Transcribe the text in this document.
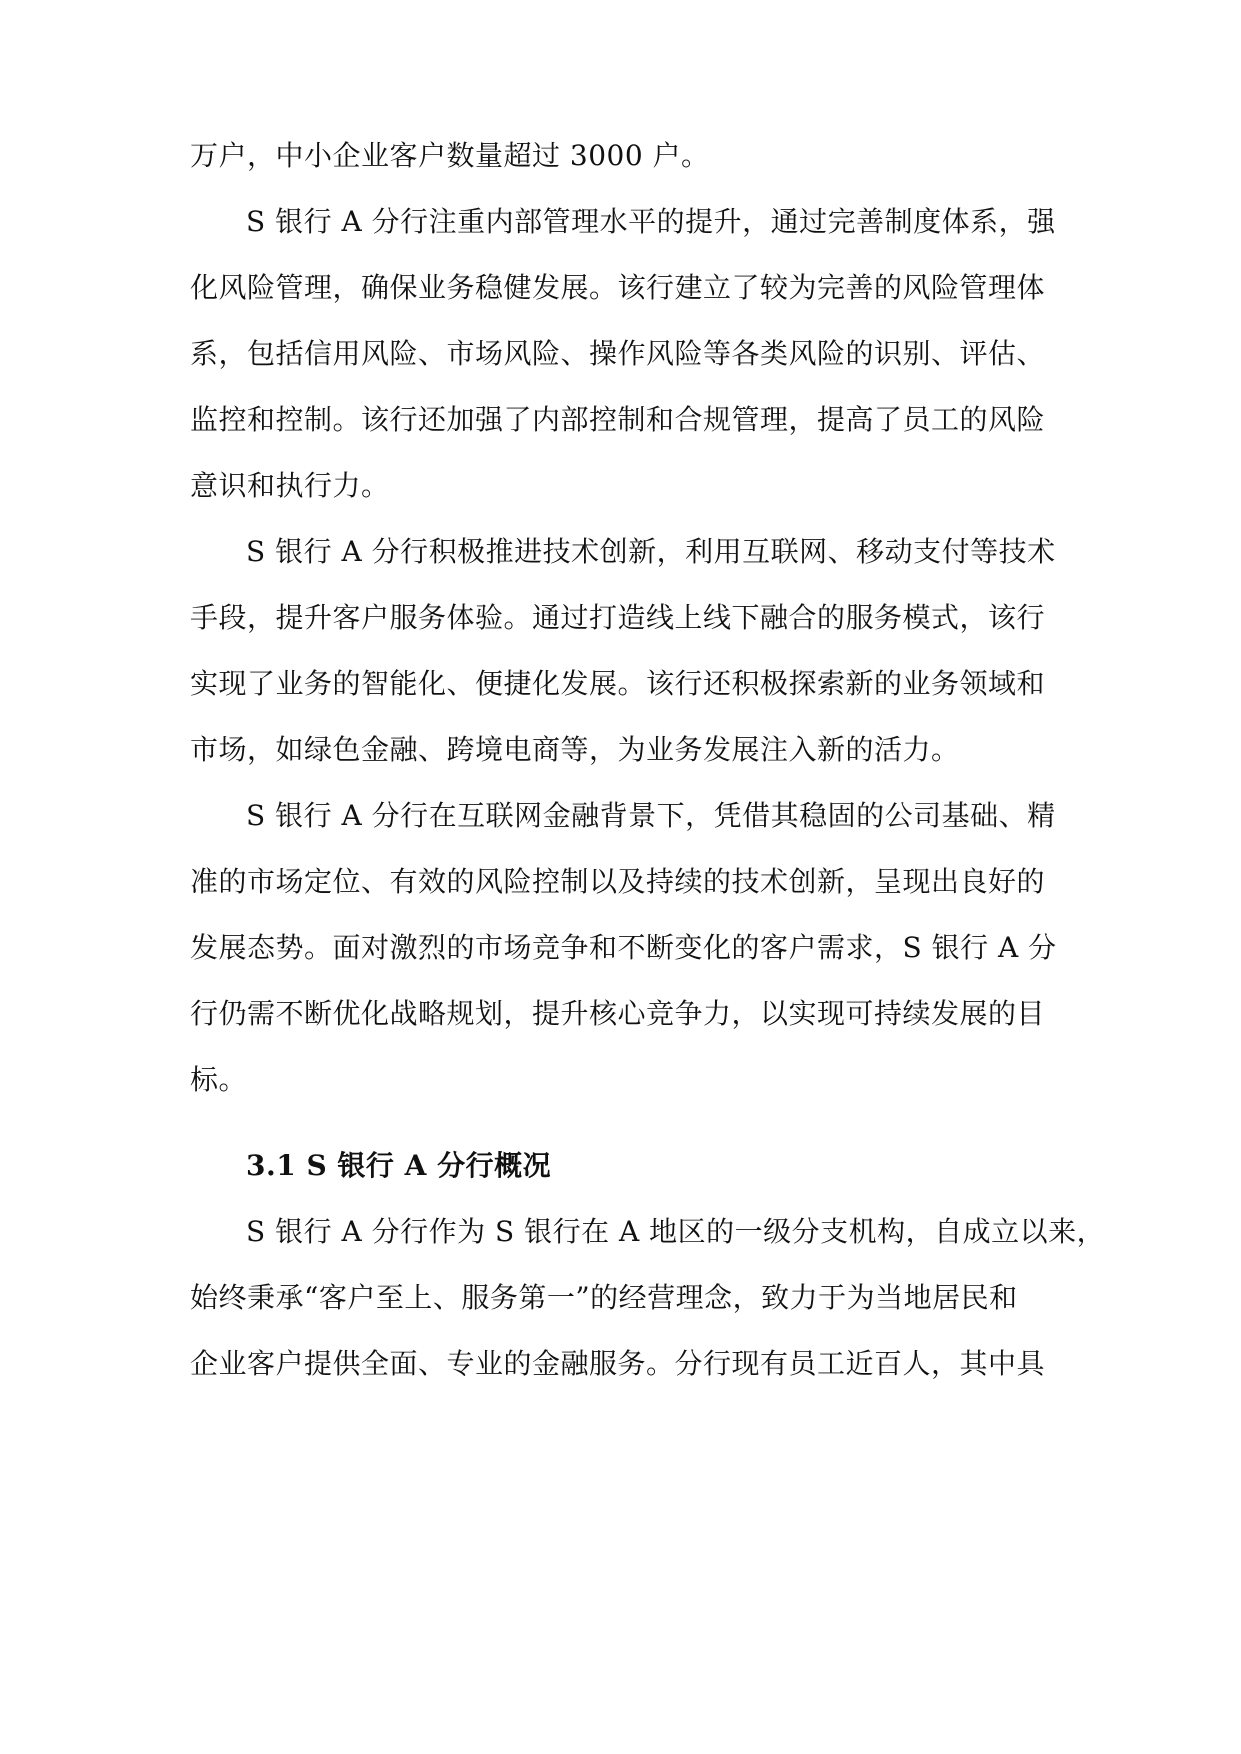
万户，中小企业客户数量超过 3000 户。
S 银行 A 分行注重内部管理水平的提升，通过完善制度体系，强
化风险管理，确保业务稳健发展。该行建立了较为完善的风险管理体
系，包括信用风险、市场风险、操作风险等各类风险的识别、评估、
监控和控制。该行还加强了内部控制和合规管理，提高了员工的风险
意识和执行力。
S 银行 A 分行积极推进技术创新，利用互联网、移动支付等技术
手段，提升客户服务体验。通过打造线上线下融合的服务模式，该行
实现了业务的智能化、便捷化发展。该行还积极探索新的业务领域和
市场，如绿色金融、跨境电商等，为业务发展注入新的活力。
S 银行 A 分行在互联网金融背景下，凭借其稳固的公司基础、精
准的市场定位、有效的风险控制以及持续的技术创新，呈现出良好的
发展态势。面对激烈的市场竞争和不断变化的客户需求，S 银行 A 分
行仍需不断优化战略规划，提升核心竞争力，以实现可持续发展的目
标。
3.1 S 银行 A 分行概况
S 银行 A 分行作为 S 银行在 A 地区的一级分支机构，自成立以来，
始终秉承“客户至上、服务第一”的经营理念，致力于为当地居民和
企业客户提供全面、专业的金融服务。分行现有员工近百人，其中具
